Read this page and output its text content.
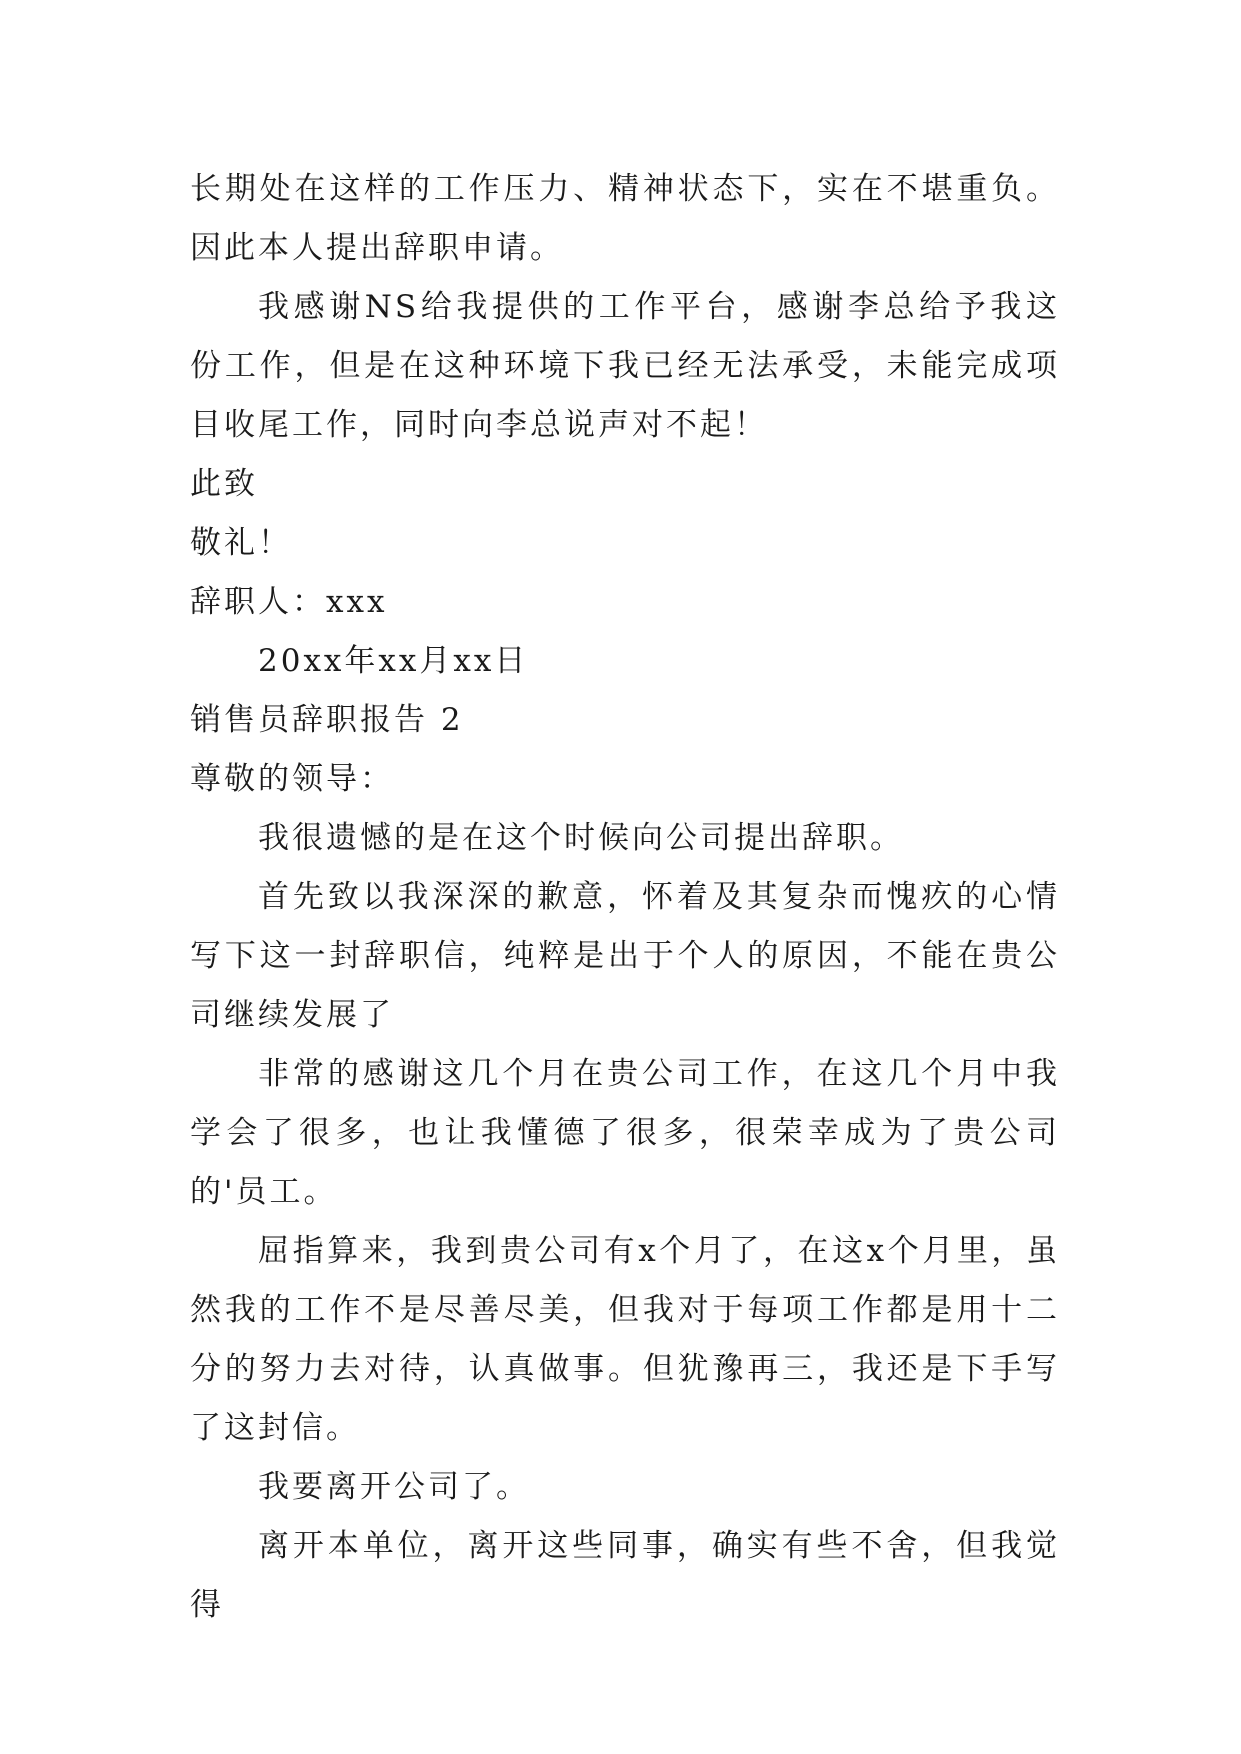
长期处在这样的工作压力、精神状态下，实在不堪重负。因此本人提出辞职申请。

我感谢NS给我提供的工作平台，感谢李总给予我这份工作，但是在这种环境下我已经无法承受，未能完成项目收尾工作，同时向李总说声对不起！

此致

敬礼！

辞职人：xxx

20xx年xx月xx日

销售员辞职报告 2

尊敬的领导：

我很遗憾的是在这个时候向公司提出辞职。

首先致以我深深的歉意，怀着及其复杂而愧疚的心情写下这一封辞职信，纯粹是出于个人的原因，不能在贵公司继续发展了

非常的感谢这几个月在贵公司工作，在这几个月中我学会了很多，也让我懂德了很多，很荣幸成为了贵公司的'员工。

屈指算来，我到贵公司有x个月了，在这x个月里，虽然我的工作不是尽善尽美，但我对于每项工作都是用十二分的努力去对待，认真做事。但犹豫再三，我还是下手写了这封信。

我要离开公司了。

离开本单位，离开这些同事，确实有些不舍，但我觉得
